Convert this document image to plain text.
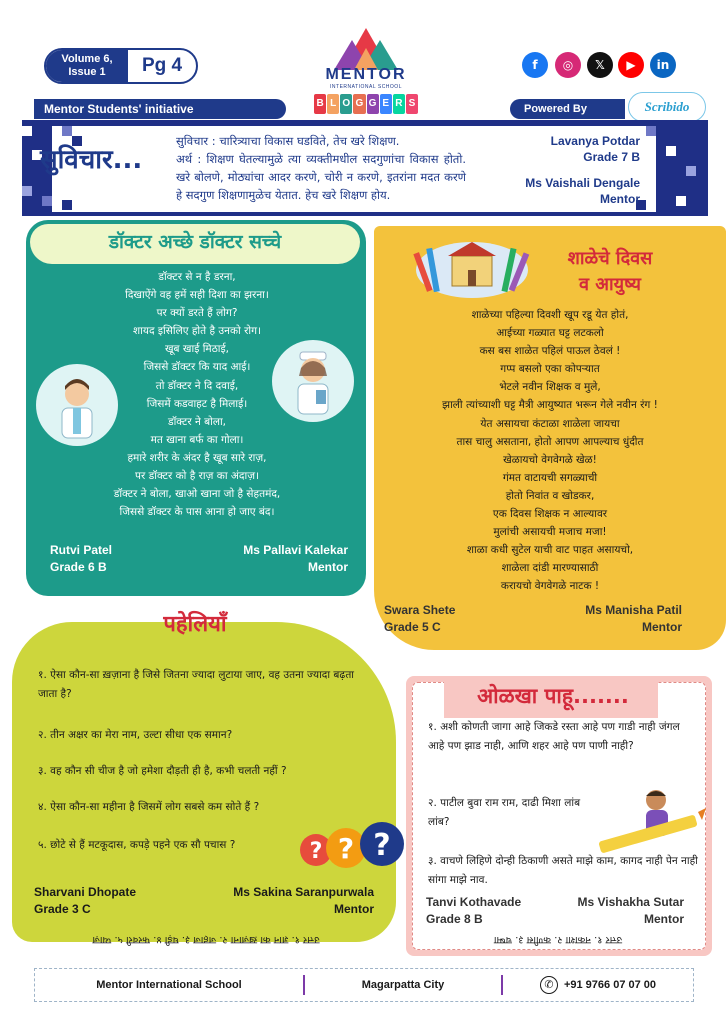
Volume 6,
Issue 1	Pg 4	MENTOR
INTERNATIONAL SCHOOL
B L O G G E R S
f	◎	𝕏	▶	in
Mentor Students' initiative	Powered By	Scribido
सुविचार...
सुविचार : चारित्र्याचा विकास घडविते, तेच खरे शिक्षण.
अर्थ : शिक्षण घेतल्यामुळे त्या व्यक्तीमधील सदगुणांचा विकास होतो. खरे बोलणे, मोठ्यांचा आदर करणे, चोरी न करणे, इतरांना मदत करणे हे सदगुण शिक्षणामुळेच येतात. हेच खरे शिक्षण होय.
Lavanya Potdar
Grade 7 B
Ms Vaishali Dengale
Mentor
डॉक्टर अच्छे डॉक्टर सच्चे
डॉक्टर से न है डरना,
दिखाऐंगे वह हमें सही दिशा का झरना।
पर क्यों डरते हैं लोग?
शायद इसिलिए होते है उनको रोग।
खूब खाई मिठाई,
जिससे डॉक्टर कि याद आई।
तो डॉक्टर ने दि दवाई,
जिसमें कडवाहट है मिलाई।
डॉक्टर ने बोला,
मत खाना बर्फ का गोला।
हमारे शरीर के अंदर है खूब सारे राज़,
पर डॉक्टर को है राज़ का अंदाज़।
डॉक्टर ने बोला, खाओ खाना जो है सेहतमंद,
जिससे डॉक्टर के पास आना हो जाए बंद।
Rutvi Patel
Grade 6 B
Ms Pallavi Kalekar
Mentor
शाळेचे दिवस
व आयुष्य
शाळेच्या पहिल्या दिवशी खूप रडू येत होतं,
आईच्या गळ्यात घट्ट लटकलो
कस बस शाळेत पहिलं पाऊल ठेवलं !
गप्प बसलो एका कोपऱ्यात
भेटले नवीन शिक्षक व मुले,
झाली त्यांच्याशी घट्ट मैत्री आयुष्यात भरून गेले नवीन रंग !
येत असायचा कंटाळा शाळेला जायचा
तास चालु असताना, होतो आपण आपल्याच धुंदीत
खेळायचो वेगवेगळे खेळ!
गंमत वाटायची सगळ्याची
होतो निवांत व खोडकर,
एक दिवस शिक्षक न आल्यावर
मुलांची असायची मजाच मजा!
शाळा कधी सुटेल याची वाट पाहत असायचो,
शाळेला दांडी मारण्यासाठी
करायचो वेगवेगळे नाटक !
Swara Shete
Grade 5 C
Ms Manisha Patil
Mentor
पहेलियाँ
१. ऐसा कौन-सा ख़ज़ाना है जिसे जितना ज्यादा लुटाया जाए, वह उतना ज्यादा बढ़ता जाता है?
२. तीन अक्षर का मेरा नाम, उल्टा सीधा एक समान?
३. वह कौन सी चीज है जो हमेशा दौड़ती ही है, कभी चलती नहीं ?
४. ऐसा कौन-सा महीना है जिसमें लोग सबसे कम सोते हैं ?
५. छोटे से हैं मटकूदास, कपड़े पहने एक सौ पचास ?	? ? ?
Sharvani Dhopate
Grade 3 C
Ms Sakina Saranpurwala
Mentor
उत्तर १. ज्ञान का ख़ज़ाना २. जहाज ३. घड़ी ४. फरवरी ५. प्याज़
ओळखा पाहू.......
१. अशी कोणती जागा आहे जिकडे रस्ता आहे पण गाडी नाही जंगल आहे पण झाड नाही, आणि शहर आहे पण पाणी नाही?
२. पाटील बुवा राम राम, दाढी मिशा लांब लांब?
३. वाचणे लिहिणे दोन्ही ठिकाणी असते माझे काम, कागद नाही पेन नाही सांगा माझे नाव.
Tanvi Kothavade
Grade 8 B
Ms Vishakha Sutar
Mentor
उत्तर १. नकाशा २. कणीस ३. चष्मा
Mentor International School	Magarpatta City	✆ +91 9766 07 07 00
